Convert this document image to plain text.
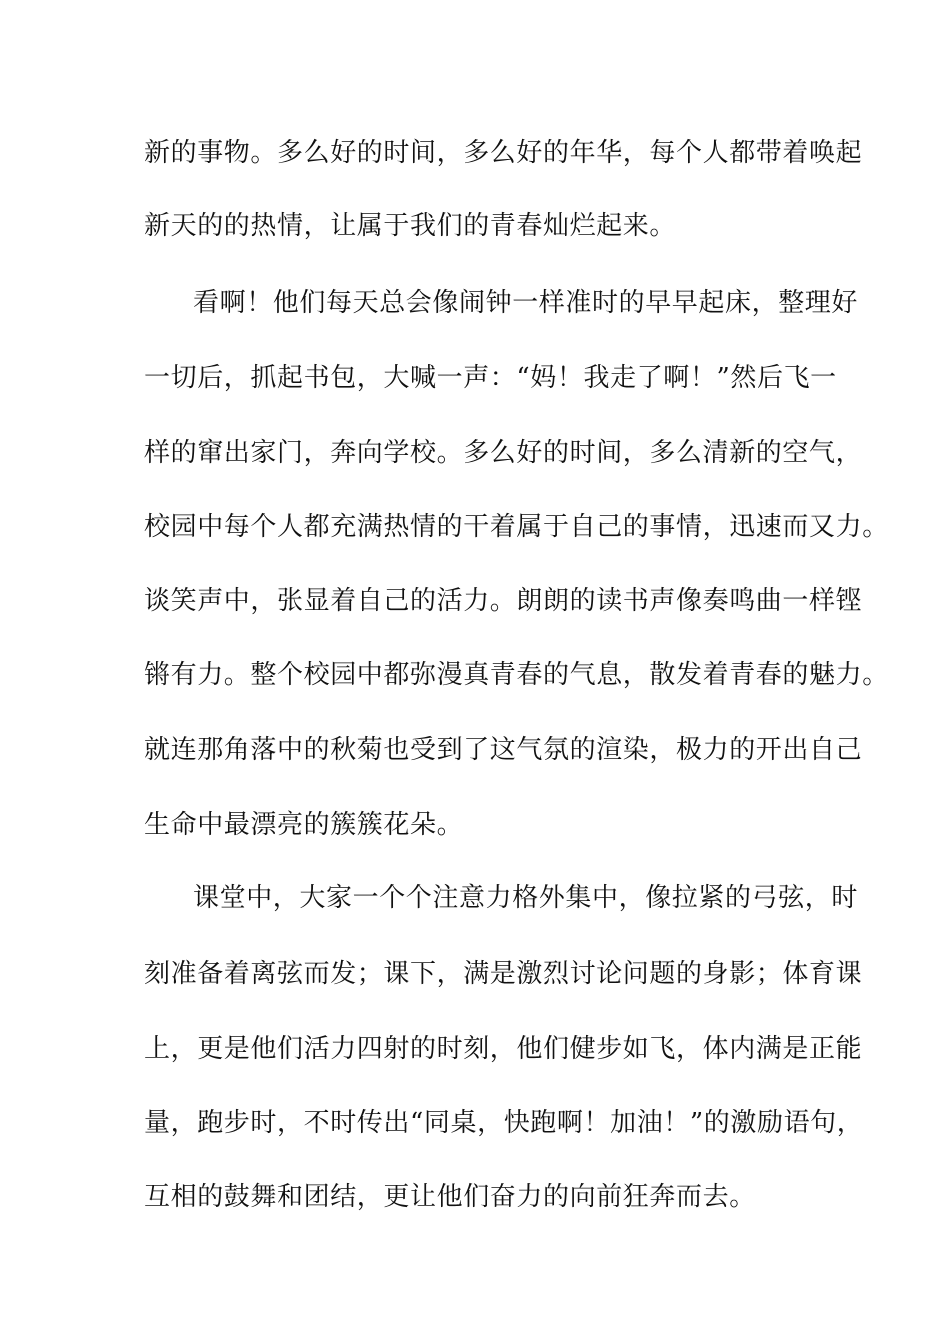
新的事物。多么好的时间，多么好的年华，每个人都带着唤起
新天的的热情，让属于我们的青春灿烂起来。
看啊！他们每天总会像闹钟一样准时的早早起床，整理好
一切后，抓起书包，大喊一声：“妈！我走了啊！”然后飞一
样的窜出家门，奔向学校。多么好的时间，多么清新的空气，
校园中每个人都充满热情的干着属于自己的事情，迅速而又力。
谈笑声中，张显着自己的活力。朗朗的读书声像奏鸣曲一样铿
锵有力。整个校园中都弥漫真青春的气息，散发着青春的魅力。
就连那角落中的秋菊也受到了这气氛的渲染，极力的开出自己
生命中最漂亮的簇簇花朵。
课堂中，大家一个个注意力格外集中，像拉紧的弓弦，时
刻准备着离弦而发；课下，满是激烈讨论问题的身影；体育课
上，更是他们活力四射的时刻，他们健步如飞，体内满是正能
量，跑步时，不时传出“同桌，快跑啊！加油！”的激励语句，
互相的鼓舞和团结，更让他们奋力的向前狂奔而去。
